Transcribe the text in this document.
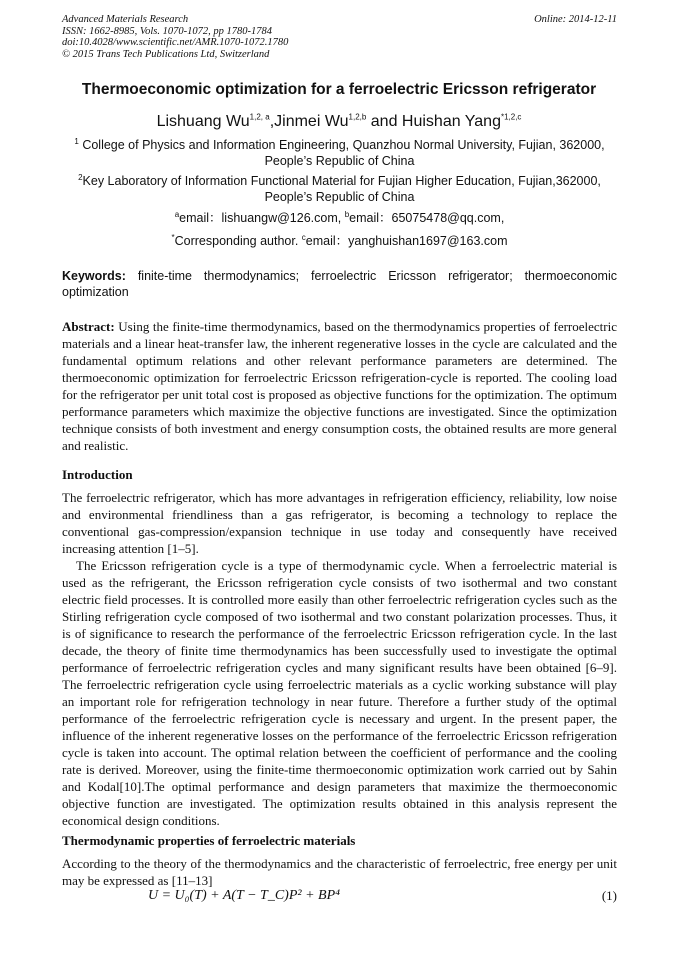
Advanced Materials Research
ISSN: 1662-8985, Vols. 1070-1072, pp 1780-1784
doi:10.4028/www.scientific.net/AMR.1070-1072.1780
© 2015 Trans Tech Publications Ltd, Switzerland
Online: 2014-12-11
Thermoeconomic optimization for a ferroelectric Ericsson refrigerator
Lishuang Wu$^{1,2, a}$,Jinmei Wu$^{1,2,b}$ and Huishan Yang$^{*1,2,c}$
$^1$ College of Physics and Information Engineering, Quanzhou Normal University, Fujian, 362000,
People’s Republic of China
$^2$Key Laboratory of Information Functional Material for Fujian Higher Education, Fujian,362000,
People’s Republic of China
$^a$email：lishuangw@126.com, $^b$email：65075478@qq.com,
*Corresponding author. $^c$email：yanghuishan1697@163.com
Keywords: finite-time thermodynamics; ferroelectric Ericsson refrigerator; thermoeconomic optimization
Abstract: Using the finite-time thermodynamics, based on the thermodynamics properties of ferroelectric materials and a linear heat-transfer law, the inherent regenerative losses in the cycle are calculated and the fundamental optimum relations and other relevant performance parameters are determined. The thermoeconomic optimization for ferroelectric Ericsson refrigeration-cycle is reported. The cooling load for the refrigerator per unit total cost is proposed as objective functions for the optimization. The optimum performance parameters which maximize the objective functions are investigated. Since the optimization technique consists of both investment and energy consumption costs, the obtained results are more general and realistic.
Introduction

The ferroelectric refrigerator, which has more advantages in refrigeration efficiency, reliability, low noise and environmental friendliness than a gas refrigerator, is becoming a technology to replace the conventional gas-compression/expansion technique in use today and consequently have received increasing attention [1–5].

The Ericsson refrigeration cycle is a type of thermodynamic cycle. When a ferroelectric material is used as the refrigerant, the Ericsson refrigeration cycle consists of two isothermal and two constant electric field processes. It is controlled more easily than other ferroelectric refrigeration cycles such as the Stirling refrigeration cycle composed of two isothermal and two constant polarization processes. Thus, it is of significance to research the performance of the ferroelectric Ericsson refrigeration cycle. In the last decade, the theory of finite time thermodynamics has been successfully used to investigate the optimal performance of ferroelectric refrigeration cycles and many significant results have been obtained [6–9]. The ferroelectric refrigeration cycle using ferroelectric materials as a cyclic working substance will play an important role for refrigeration technology in near future. Therefore a further study of the optimal performance of the ferroelectric refrigeration cycle is necessary and urgent. In the present paper, the influence of the inherent regenerative losses on the performance of the ferroelectric Ericsson refrigeration cycle is taken into account. The optimal relation between the coefficient of performance and the cooling rate is derived. Moreover, using the finite-time thermoeconomic optimization work carried out by Sahin and Kodal[10].The optimal performance and design parameters that maximize the thermoeconomic objective function are investigated. The optimization results obtained in this analysis represent the economical design conditions.

Thermodynamic properties of ferroelectric materials

According to the theory of the thermodynamics and the characteristic of ferroelectric, free energy per unit may be expressed as [11–13]

U = U₀(T) + A(T − T_C)P² + BP⁴	(1)
